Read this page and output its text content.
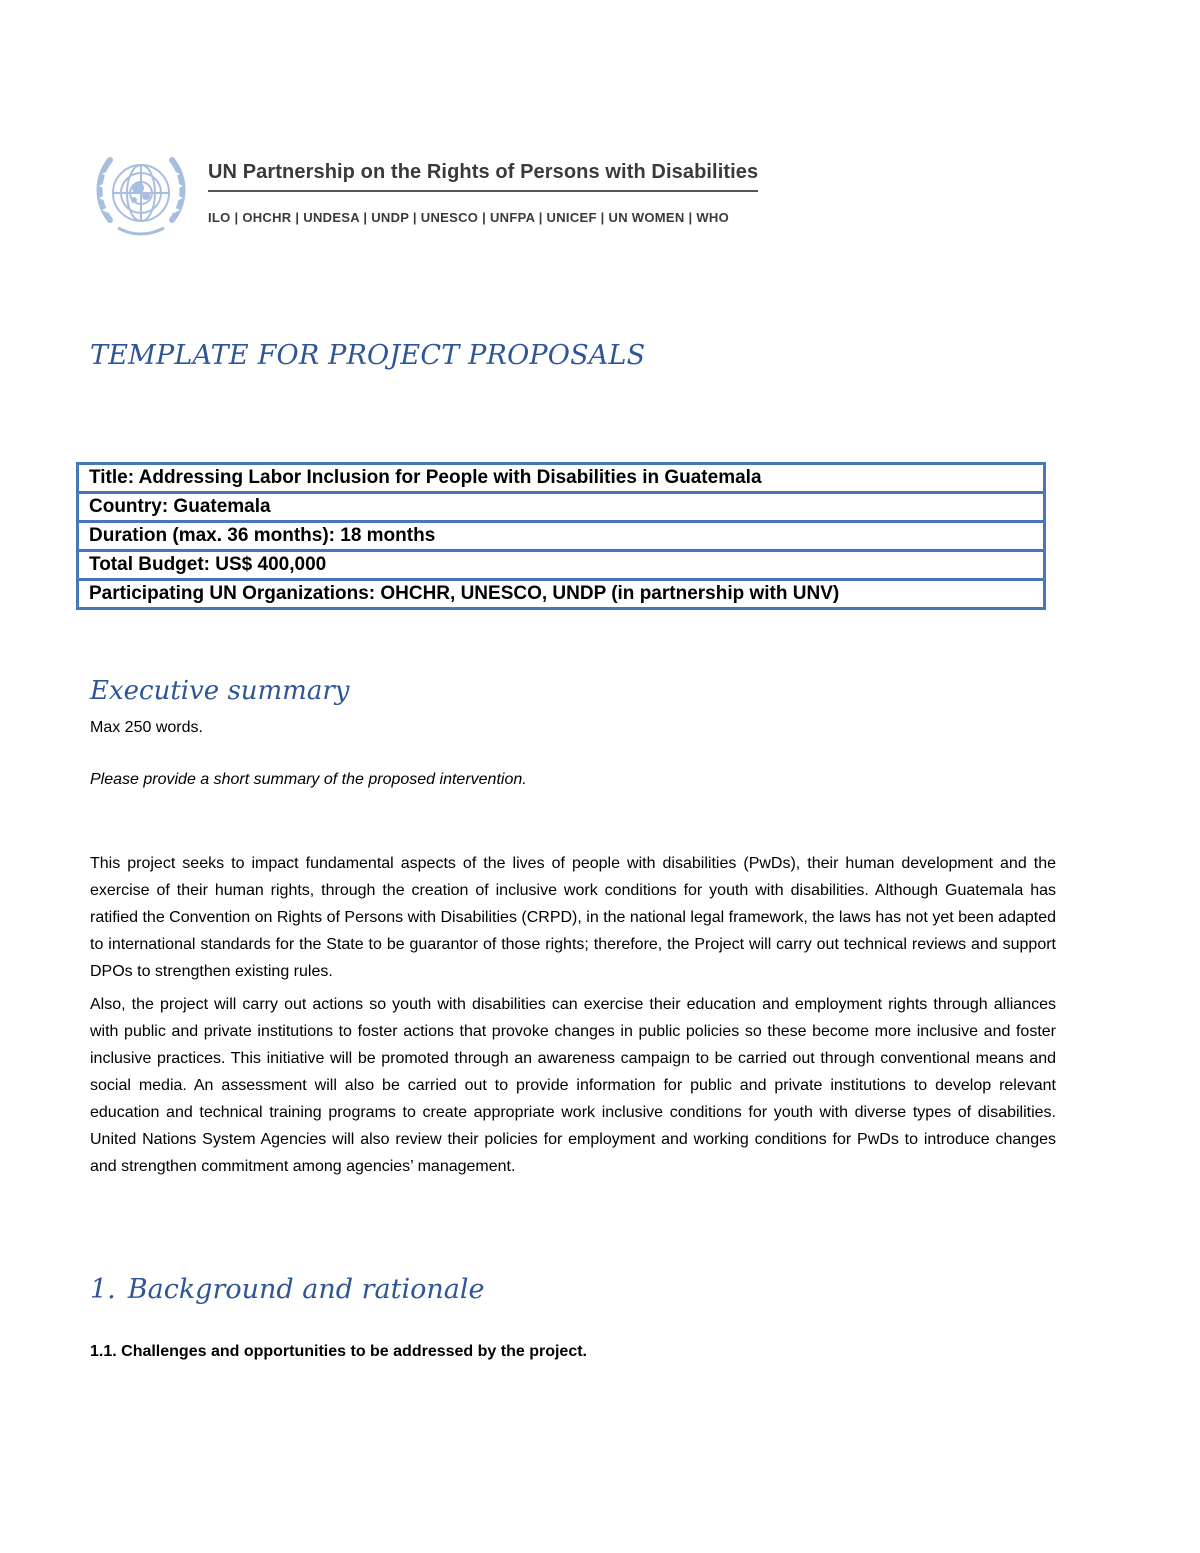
UN Partnership on the Rights of Persons with Disabilities
ILO | OHCHR | UNDESA | UNDP | UNESCO | UNFPA | UNICEF | UN WOMEN | WHO
TEMPLATE FOR PROJECT PROPOSALS
Title: Addressing Labor Inclusion for People with Disabilities in Guatemala
Country: Guatemala
Duration (max. 36 months): 18 months
Total Budget: US$ 400,000
Participating UN Organizations: OHCHR, UNESCO, UNDP (in partnership with UNV)
Executive summary
Max 250 words.
Please provide a short summary of the proposed intervention.

This project seeks to impact fundamental aspects of the lives of people with disabilities (PwDs), their human development and the exercise of their human rights, through the creation of inclusive work conditions for youth with disabilities. Although Guatemala has ratified the Convention on Rights of Persons with Disabilities (CRPD), in the national legal framework, the laws has not yet been adapted to international standards for the State to be guarantor of those rights; therefore, the Project will carry out technical reviews and support DPOs to strengthen existing rules.

Also, the project will carry out actions so youth with disabilities can exercise their education and employment rights through alliances with public and private institutions to foster actions that provoke changes in public policies so these become more inclusive and foster inclusive practices. This initiative will be promoted through an awareness campaign to be carried out through conventional means and social media. An assessment will also be carried out to provide information for public and private institutions to develop relevant education and technical training programs to create appropriate work inclusive conditions for youth with diverse types of disabilities. United Nations System Agencies will also review their policies for employment and working conditions for PwDs to introduce changes and strengthen commitment among agencies’ management.

1. Background and rationale
1.1. Challenges and opportunities to be addressed by the project.
